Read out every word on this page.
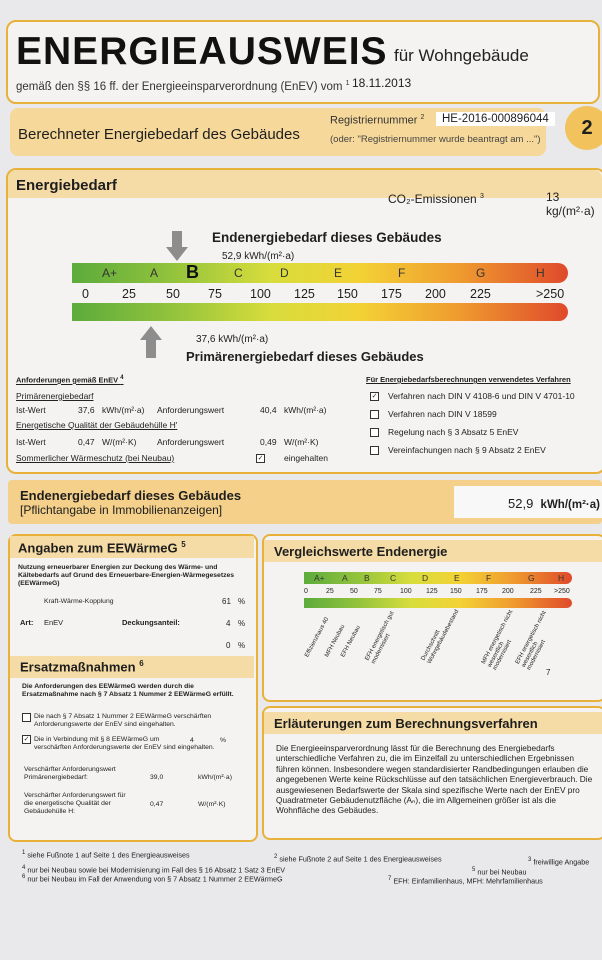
ENERGIEAUSWEIS für Wohngebäude
gemäß den §§ 16 ff. der Energieeinsparverordnung (EnEV) vom $^1$ 18.11.2013
Berechneter Energiebedarf des Gebäudes
Registriernummer $^2$	HE-2016-000896044
(oder: "Registriernummer wurde beantragt am ...")
2
Energiebedarf
CO₂-Emissionen $^3$	13 kg/(m²·a)
Endenergiebedarf dieses Gebäudes
52,9 kWh/(m²·a)
A+	A B	C	D	E	F	G	H
0	25 50 75 100 125 150 175 200 225	>250
37,6 kWh/(m²·a)
Primärenergiebedarf dieses Gebäudes
Anforderungen gemäß EnEV $^4$
Primärenergiebedarf
Ist-Wert	37,6 kWh/(m²·a) Anforderungswert	40,4 kWh/(m²·a)
Energetische Qualität der Gebäudehülle H'
Ist-Wert	0,47 W/(m²·K) Anforderungswert	0,49 W/(m²·K)
Sommerlicher Wärmeschutz (bei Neubau)	✓ eingehalten
Für Energiebedarfsberechnungen verwendetes Verfahren
✓ Verfahren nach DIN V 4108-6 und DIN V 4701-10
Verfahren nach DIN V 18599
Regelung nach § 3 Absatz 5 EnEV
Vereinfachungen nach § 9 Absatz 2 EnEV
Endenergiebedarf dieses Gebäudes
[Pflichtangabe in Immobilienanzeigen]	52,9 kWh/(m²·a)
Angaben zum EEWärmeG $^5$
Nutzung erneuerbarer Energien zur Deckung des Wärme- und Kältebedarfs auf Grund des Erneuerbare-Energien-Wärmegesetzes (EEWärmeG)
Kraft-Wärme-Kopplung	61 %
Art: EnEV	Deckungsanteil:	4 %
0 %
Ersatzmaßnahmen $^6$
Die Anforderungen des EEWärmeG werden durch die Ersatzmaßnahme nach § 7 Absatz 1 Nummer 2 EEWärmeG erfüllt.
Die nach § 7 Absatz 1 Nummer 2 EEWärmeG verschärften Anforderungswerte der EnEV sind eingehalten.
✓ Die in Verbindung mit § 8 EEWärmeG um	4	%
verschärften Anforderungswerte der EnEV sind eingehalten.
Verschärfter Anforderungswert Primärenergiebedarf:	39,0	kWh/(m²·a)
Verschärfter Anforderungswert für die energetische Qualität der Gebäudehülle H:
0,47	W/(m²·K)
Vergleichswerte Endenergie
A+ A B C	D	E	F	G	H
0	25 50 75	100 125 150 175 200 225 >250
Effizienzhaus 40
MFH Neubau
EFH Neubau EFH energetisch gut modernisiert	Durchschnitt Wohngebäudebestand	MFH energetisch nicht wesentlich modernisiert EFH energetisch nicht wesentlich modernisiert
7
Erläuterungen zum Berechnungsverfahren
Die Energieeinsparverordnung lässt für die Berechnung des Energiebedarfs unterschiedliche Verfahren zu, die im Einzelfall zu unterschiedlichen Ergebnissen führen können. Insbesondere wegen standardisierter Randbedingungen erlauben die angegebenen Werte keine Rückschlüsse auf den tatsächlichen Energieverbrauch. Die ausgewiesenen Bedarfswerte der Skala sind spezifische Werte nach der EnEV pro Quadratmeter Gebäudenutzfläche (Aₙ), die im Allgemeinen größer ist als die Wohnfläche des Gebäudes.
$^1$ siehe Fußnote 1 auf Seite 1 des Energieausweises	$^2$ siehe Fußnote 2 auf Seite 1 des Energieausweises	$^3$ freiwillige Angabe
$^4$ nur bei Neubau sowie bei Modernisierung im Fall des § 16 Absatz 1 Satz 3 EnEV	$^5$ nur bei Neubau
$^6$ nur bei Neubau im Fall der Anwendung von § 7 Absatz 1 Nummer 2 EEWärmeG	$^7$ EFH: Einfamilienhaus, MFH: Mehrfamilienhaus
